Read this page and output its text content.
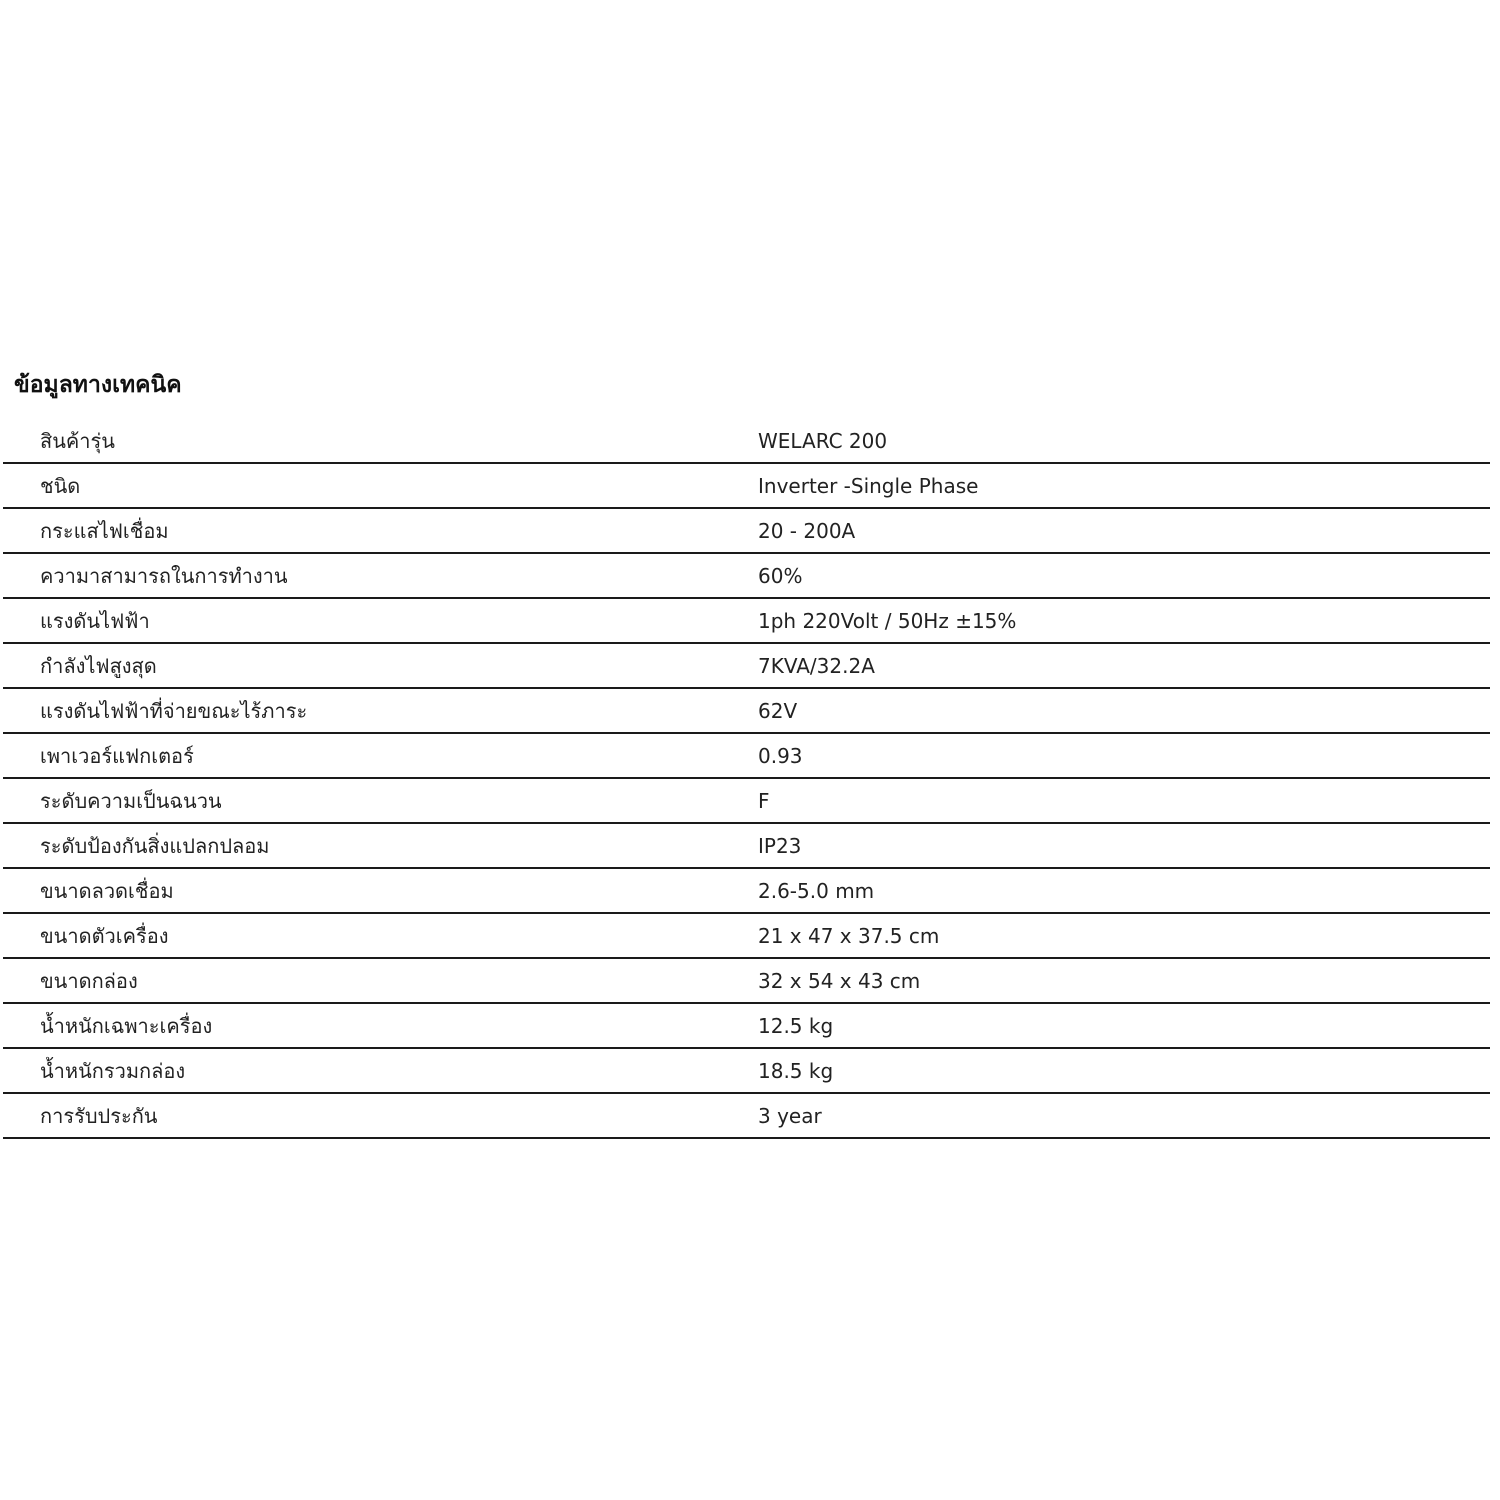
ข้อมูลทางเทคนิค
สินค้ารุ่น	WELARC 200
ชนิด	Inverter -Single Phase
กระแสไฟเชื่อม	20 - 200A
ความาสามารถในการทำงาน	60%
แรงดันไฟฟ้า	1ph 220Volt / 50Hz ±15%
กำลังไฟสูงสุด	7KVA/32.2A
แรงดันไฟฟ้าที่จ่ายขณะไร้ภาระ	62V
เพาเวอร์แฟกเตอร์	0.93
ระดับความเป็นฉนวน	F
ระดับป้องกันสิ่งแปลกปลอม	IP23
ขนาดลวดเชื่อม	2.6-5.0 mm
ขนาดตัวเครื่อง	21 x 47 x 37.5 cm
ขนาดกล่อง	32 x 54 x 43 cm
น้ำหนักเฉพาะเครื่อง	12.5 kg
น้ำหนักรวมกล่อง	18.5 kg
การรับประกัน	3 year
